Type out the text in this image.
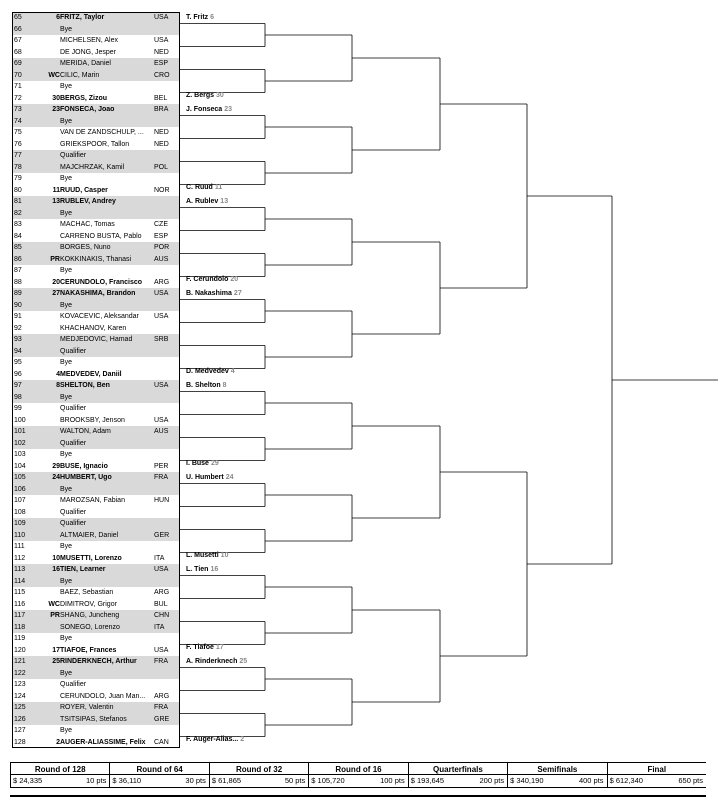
65	6 FRITZ, Taylor	USA
66	Bye
67	MICHELSEN, Alex	USA
68	DE JONG, Jesper	NED
69	MERIDA, Daniel	ESP
70	WC CILIC, Marin	CRO
71	Bye
72	30 BERGS, Zizou	BEL
73	23 FONSECA, Joao	BRA
74	Bye
75	VAN DE ZANDSCHULP, ...	NED
76	GRIEKSPOOR, Tallon	NED
77	Qualifier
78	MAJCHRZAK, Kamil	POL
79	Bye
80	11 RUUD, Casper	NOR
81	13 RUBLEV, Andrey
82	Bye
83	MACHAC, Tomas	CZE
84	CARRENO BUSTA, Pablo	ESP
85	BORGES, Nuno	POR
86	PR KOKKINAKIS, Thanasi	AUS
87	Bye
88	20 CERUNDOLO, Francisco	ARG
89	27 NAKASHIMA, Brandon	USA
90	Bye
91	KOVACEVIC, Aleksandar	USA
92	KHACHANOV, Karen
93	MEDJEDOVIC, Hamad	SRB
94	Qualifier
95	Bye
96	4 MEDVEDEV, Daniil
97	8 SHELTON, Ben	USA
98	Bye
99	Qualifier
100	BROOKSBY, Jenson	USA
101	WALTON, Adam	AUS
102	Qualifier
103	Bye
104	29 BUSE, Ignacio	PER
105	24 HUMBERT, Ugo	FRA
106	Bye
107	MAROZSAN, Fabian	HUN
108	Qualifier
109	Qualifier
110	ALTMAIER, Daniel	GER
111	Bye
112	10 MUSETTI, Lorenzo	ITA
113	16 TIEN, Learner	USA
114	Bye
115	BAEZ, Sebastian	ARG
116	WC DIMITROV, Grigor	BUL
117	PR SHANG, Juncheng	CHN
118	SONEGO, Lorenzo	ITA
119	Bye
120	17 TIAFOE, Frances	USA
121	25 RINDERKNECH, Arthur	FRA
122	Bye
123	Qualifier
124	CERUNDOLO, Juan Man...	ARG
125	ROYER, Valentin	FRA
126	TSITSIPAS, Stefanos	GRE
127	Bye
128	2 AUGER-ALIASSIME, Felix	CAN
T. Fritz 6
Z. Bergs 30
J. Fonseca 23
C. Ruud 11
A. Rublev 13
F. Cerundolo 20
B. Nakashima 27
D. Medvedev 4
B. Shelton 8
I. Buse 29
U. Humbert 24
L. Musetti 10
L. Tien 16
F. Tiafoe 17
A. Rinderknech 25
F. Auger-Alias... 2
Round of 128
$ 24,335	10 pts
Round of 64
$ 36,110	30 pts
Round of 32
$ 61,865	50 pts
Round of 16
$ 105,720	100 pts
Quarterfinals
$ 193,645	200 pts
Semifinals
$ 340,190	400 pts
Final
$ 612,340	650 pts
